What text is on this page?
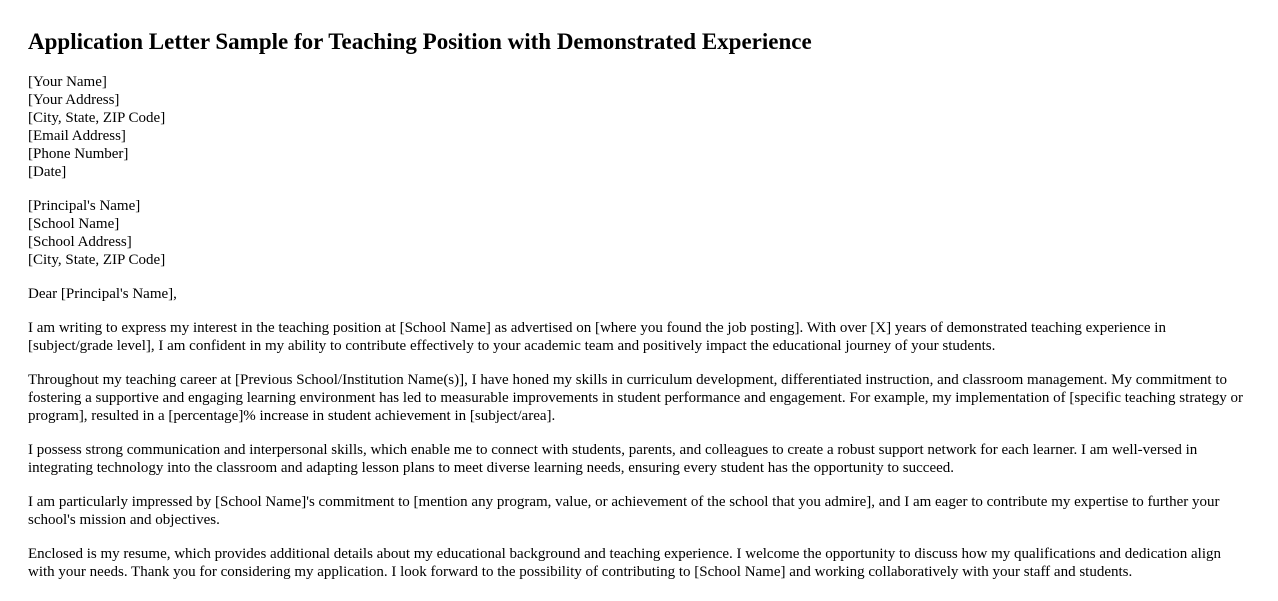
Application Letter Sample for Teaching Position with Demonstrated Experience
[Your Name]
[Your Address]
[City, State, ZIP Code]
[Email Address]
[Phone Number]
[Date]
[Principal's Name]
[School Name]
[School Address]
[City, State, ZIP Code]

Dear [Principal's Name],

I am writing to express my interest in the teaching position at [School Name] as advertised on [where you found the job posting]. With over [X] years of demonstrated teaching experience in [subject/grade level], I am confident in my ability to contribute effectively to your academic team and positively impact the educational journey of your students.

Throughout my teaching career at [Previous School/Institution Name(s)], I have honed my skills in curriculum development, differentiated instruction, and classroom management. My commitment to fostering a supportive and engaging learning environment has led to measurable improvements in student performance and engagement. For example, my implementation of [specific teaching strategy or program], resulted in a [percentage]% increase in student achievement in [subject/area].

I possess strong communication and interpersonal skills, which enable me to connect with students, parents, and colleagues to create a robust support network for each learner. I am well-versed in integrating technology into the classroom and adapting lesson plans to meet diverse learning needs, ensuring every student has the opportunity to succeed.

I am particularly impressed by [School Name]'s commitment to [mention any program, value, or achievement of the school that you admire], and I am eager to contribute my expertise to further your school's mission and objectives.

Enclosed is my resume, which provides additional details about my educational background and teaching experience. I welcome the opportunity to discuss how my qualifications and dedication align with your needs. Thank you for considering my application. I look forward to the possibility of contributing to [School Name] and working collaboratively with your staff and students.
